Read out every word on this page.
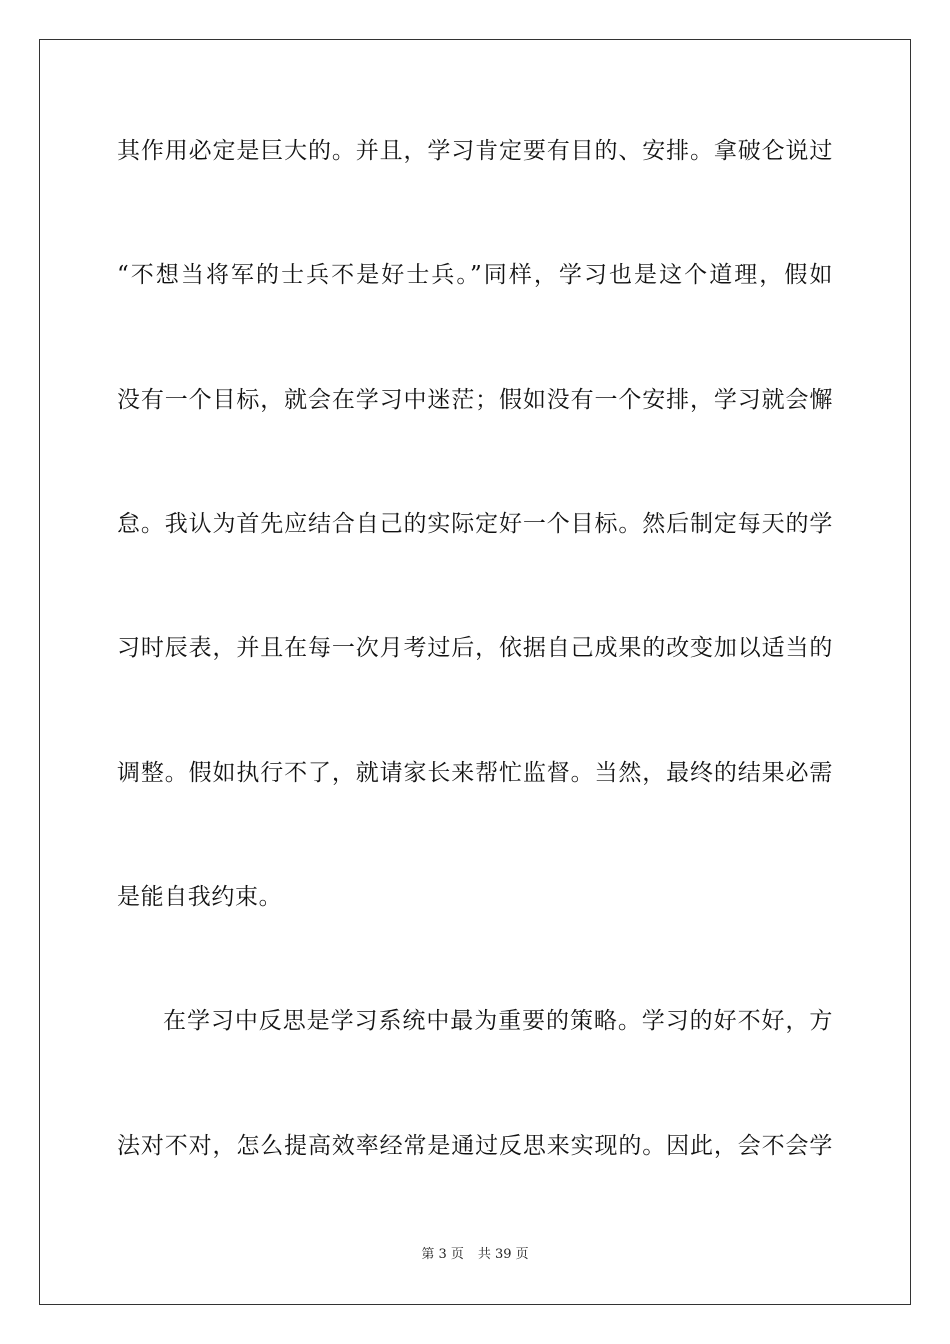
其作用必定是巨大的。并且，学习肯定要有目的、安排。拿破仑说过
“不想当将军的士兵不是好士兵。”同样，学习也是这个道理，假如
没有一个目标，就会在学习中迷茫；假如没有一个安排，学习就会懈
怠。我认为首先应结合自己的实际定好一个目标。然后制定每天的学
习时辰表，并且在每一次月考过后，依据自己成果的改变加以适当的
调整。假如执行不了，就请家长来帮忙监督。当然，最终的结果必需
是能自我约束。
在学习中反思是学习系统中最为重要的策略。学习的好不好，方
法对不对，怎么提高效率经常是通过反思来实现的。因此，会不会学
第 3 页 共 39 页
